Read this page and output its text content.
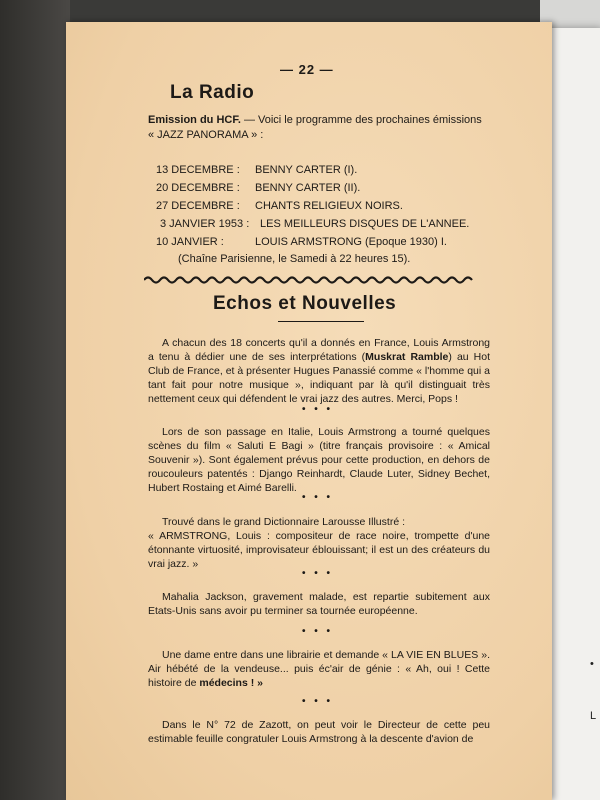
•
L
— 22 —
La Radio
Emission du HCF. — Voici le programme des prochaines émissions « JAZZ PANORAMA » :
13 DECEMBRE : BENNY CARTER (I).
20 DECEMBRE : BENNY CARTER (II).
27 DECEMBRE : CHANTS RELIGIEUX NOIRS.
3 JANVIER 1953 : LES MEILLEURS DISQUES DE L'ANNEE.
10 JANVIER :	LOUIS ARMSTRONG (Epoque 1930) I.
(Chaîne Parisienne, le Samedi à 22 heures 15).
Echos et Nouvelles
A chacun des 18 concerts qu'il a donnés en France, Louis Armstrong a tenu à dédier une de ses interprétations (Muskrat Ramble) au Hot Club de France, et à présenter Hugues Panassié comme « l'homme qui a tant fait pour notre musique », indiquant par là qu'il distinguait très nettement ceux qui défendent le vrai jazz des autres. Merci, Pops !
• • •
Lors de son passage en Italie, Louis Armstrong a tourné quelques scènes du film « Saluti E Bagi » (titre français provisoire : « Amical Souvenir »). Sont également prévus pour cette production, en dehors de roucouleurs patentés : Django Reinhardt, Claude Luter, Sidney Bechet, Hubert Rostaing et Aimé Barelli.
• • •
Trouvé dans le grand Dictionnaire Larousse Illustré :
« ARMSTRONG, Louis : compositeur de race noire, trompette d'une étonnante virtuosité, improvisateur éblouissant; il est un des créateurs du vrai jazz. »
• • •
Mahalia Jackson, gravement malade, est repartie subitement aux Etats-Unis sans avoir pu terminer sa tournée européenne.
• • •
Une dame entre dans une librairie et demande « LA VIE EN BLUES ». Air hébété de la vendeuse... puis éc'air de génie : « Ah, oui ! Cette histoire de médecins ! »
• • •
Dans le N° 72 de Zazott, on peut voir le Directeur de cette peu estimable feuille congratuler Louis Armstrong à la descente d'avion de
